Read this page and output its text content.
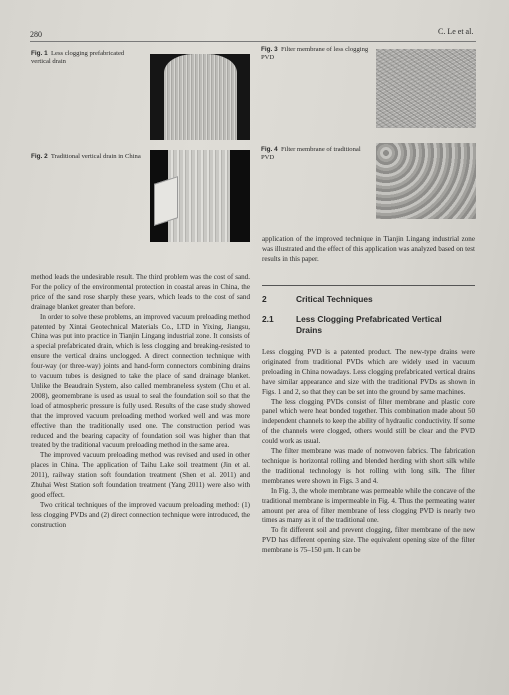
280	C. Le et al.
Fig. 1 Less clogging prefabricated vertical drain
Fig. 2 Traditional vertical drain in China
Fig. 3 Filter membrane of less clogging PVD
Fig. 4 Filter membrane of traditional PVD
application of the improved technique in Tianjin Lingang industrial zone was illustrated and the effect of this application was analyzed based on test results in this paper.

method leads the undesirable result. The third problem was the cost of sand. For the policy of the environmental protection in coastal areas in China, the price of the sand rose sharply these years, which leads to the cost of sand drainage blanket greater than before.

In order to solve these problems, an improved vacuum preloading method patented by Xintai Geotechnical Materials Co., LTD in Yixing, Jiangsu, China was put into practice in Tianjin Lingang industrial zone. It consists of a special prefabricated drain, which is less clogging and breaking-resisted to ensure the vertical drains unclogged. A direct connection technique with four-way (or three-way) joints and hand-form connectors combining drains to vacuum tubes is designed to take the place of sand drainage blanket. Unlike the Beaudrain System, also called membraneless system (Chu et al. 2008), geomembrane is used as usual to seal the foundation soil so that the load of atmospheric pressure is fully used. Results of the case study showed that the improved vacuum preloading method worked well and was more effective than the traditionally used one. The construction period was reduced and the bearing capacity of foundation soil was higher than that treated by the traditional vacuum preloading method in the same area.

The improved vacuum preloading method was revised and used in other places in China. The application of Taihu Lake soil treatment (Jin et al. 2011), railway station soft foundation treatment (Shen et al. 2011) and Zhuhai West Station soft foundation treatment (Yang 2011) were also with good effect.

Two critical techniques of the improved vacuum preloading method: (1) less clogging PVDs and (2) direct connection technique were introduced, the construction

2	Critical Techniques
2.1	Less Clogging Prefabricated Vertical Drains

Less clogging PVD is a patented product. The new-type drains were originated from traditional PVDs which are widely used in vacuum preloading in China nowadays. Less clogging prefabricated vertical drains have similar appearance and size with the traditional PVDs as shown in Figs. 1 and 2, so that they can be set into the ground by same machines.

The less clogging PVDs consist of filter membrane and plastic core panel which were heat bonded together. This combination made about 50 independent channels to keep the ability of hydraulic conductivity. If some of the channels were clogged, others would still be clear and the PVD could work as usual.

The filter membrane was made of nonwoven fabrics. The fabrication technique is horizontal rolling and blended herding with short silk while the traditional technology is hot rolling with long silk. The filter membranes were shown in Figs. 3 and 4.

In Fig. 3, the whole membrane was permeable while the concave of the traditional membrane is impermeable in Fig. 4. Thus the permeating water amount per area of filter membrane of less clogging PVD is nearly two times as many as it of the traditional one.

To fit different soil and prevent clogging, filter membrane of the new PVD has different opening size. The equivalent opening size of the filter membrane is 75–150 μm. It can be
